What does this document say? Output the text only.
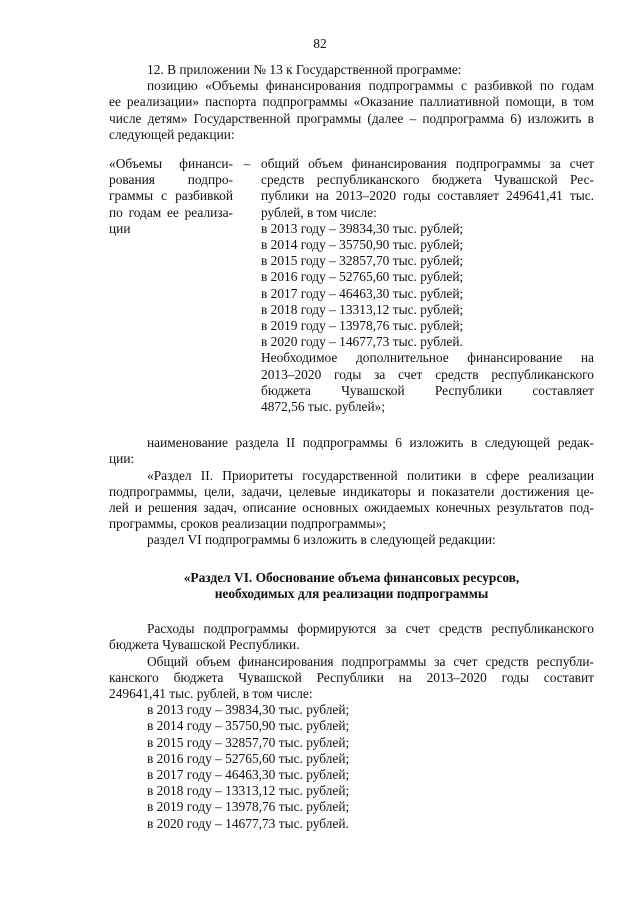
82

12. В приложении № 13 к Государственной программе:

позицию «Объемы финансирования подпрограммы с разбивкой по годам

ее реализации» паспорта подпрограммы «Оказание паллиативной помощи, в том

числе детям» Государственной программы (далее – подпрограмма 6) изложить в

следующей редакции:

«Объемы финанси-

рования подпро-

граммы с разбивкой

по годам ее реализа-

ции

– общий объем финансирования подпрограммы за счет

средств республиканского бюджета Чувашской Рес-

публики на 2013–2020 годы составляет 249641,41 тыс.

рублей, в том числе:

в 2013 году – 39834,30 тыс. рублей;

в 2014 году – 35750,90 тыс. рублей;

в 2015 году – 32857,70 тыс. рублей;

в 2016 году – 52765,60 тыс. рублей;

в 2017 году – 46463,30 тыс. рублей;

в 2018 году – 13313,12 тыс. рублей;

в 2019 году – 13978,76 тыс. рублей;

в 2020 году – 14677,73 тыс. рублей.

Необходимое дополнительное финансирование на

2013–2020 годы за счет средств республиканского

бюджета Чувашской Республики составляет

4872,56 тыс. рублей»;

наименование раздела II подпрограммы 6 изложить в следующей редак-

ции:

«Раздел II. Приоритеты государственной политики в сфере реализации

подпрограммы, цели, задачи, целевые индикаторы и показатели достижения це-

лей и решения задач, описание основных ожидаемых конечных результатов под-

программы, сроков реализации подпрограммы»;

раздел VI подпрограммы 6 изложить в следующей редакции:

«Раздел VI. Обоснование объема финансовых ресурсов,
необходимых для реализации подпрограммы

Расходы подпрограммы формируются за счет средств республиканского

бюджета Чувашской Республики.

Общий объем финансирования подпрограммы за счет средств республи-

канского бюджета Чувашской Республики на 2013–2020 годы составит

249641,41 тыс. рублей, в том числе:

в 2013 году – 39834,30 тыс. рублей;

в 2014 году – 35750,90 тыс. рублей;

в 2015 году – 32857,70 тыс. рублей;

в 2016 году – 52765,60 тыс. рублей;

в 2017 году – 46463,30 тыс. рублей;

в 2018 году – 13313,12 тыс. рублей;

в 2019 году – 13978,76 тыс. рублей;

в 2020 году – 14677,73 тыс. рублей.
